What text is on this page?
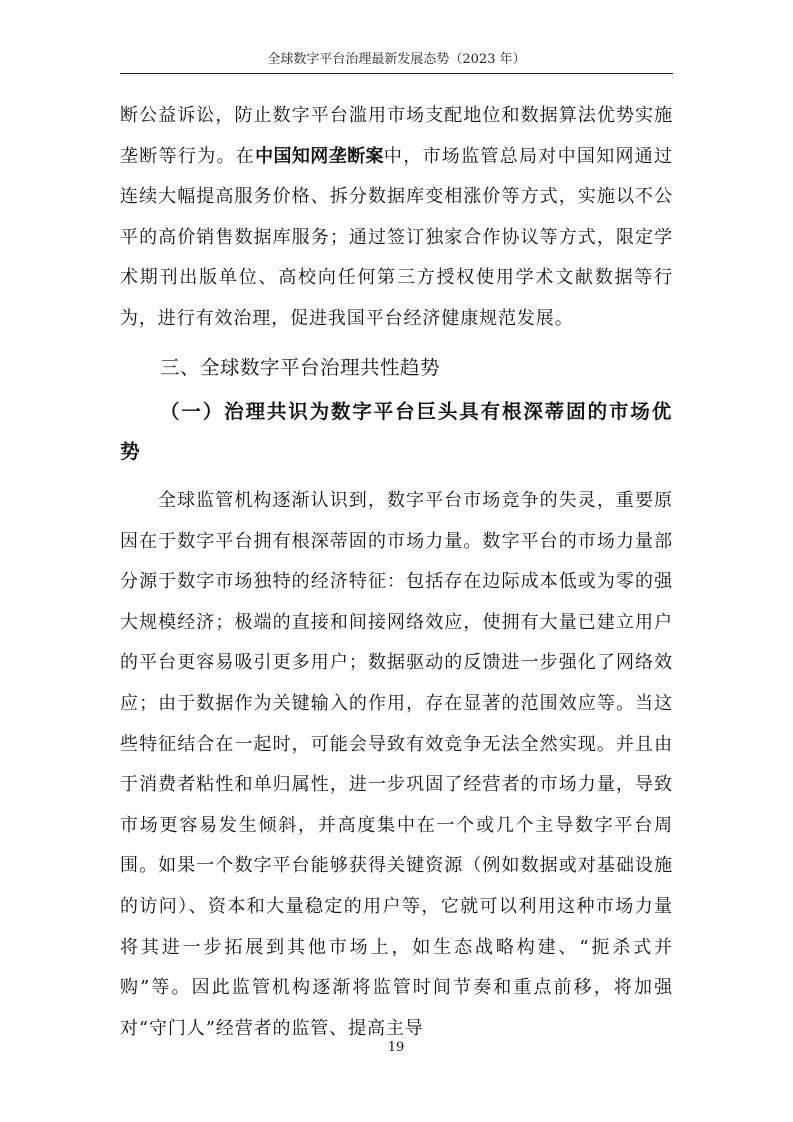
全球数字平台治理最新发展态势（2023 年）

断公益诉讼，防止数字平台滥用市场支配地位和数据算法优势实施垄断等行为。在中国知网垄断案中，市场监管总局对中国知网通过连续大幅提高服务价格、拆分数据库变相涨价等方式，实施以不公平的高价销售数据库服务；通过签订独家合作协议等方式，限定学术期刊出版单位、高校向任何第三方授权使用学术文献数据等行为，进行有效治理，促进我国平台经济健康规范发展。

三、全球数字平台治理共性趋势
（一）治理共识为数字平台巨头具有根深蒂固的市场优势

全球监管机构逐渐认识到，数字平台市场竞争的失灵，重要原因在于数字平台拥有根深蒂固的市场力量。数字平台的市场力量部分源于数字市场独特的经济特征：包括存在边际成本低或为零的强大规模经济；极端的直接和间接网络效应，使拥有大量已建立用户的平台更容易吸引更多用户；数据驱动的反馈进一步强化了网络效应；由于数据作为关键输入的作用，存在显著的范围效应等。当这些特征结合在一起时，可能会导致有效竞争无法全然实现。并且由于消费者粘性和单归属性，进一步巩固了经营者的市场力量，导致市场更容易发生倾斜，并高度集中在一个或几个主导数字平台周围。如果一个数字平台能够获得关键资源（例如数据或对基础设施的访问）、资本和大量稳定的用户等，它就可以利用这种市场力量将其进一步拓展到其他市场上，如生态战略构建、“扼杀式并购”等。因此监管机构逐渐将监管时间节奏和重点前移，将加强对“守门人”经营者的监管、提高主导

19
